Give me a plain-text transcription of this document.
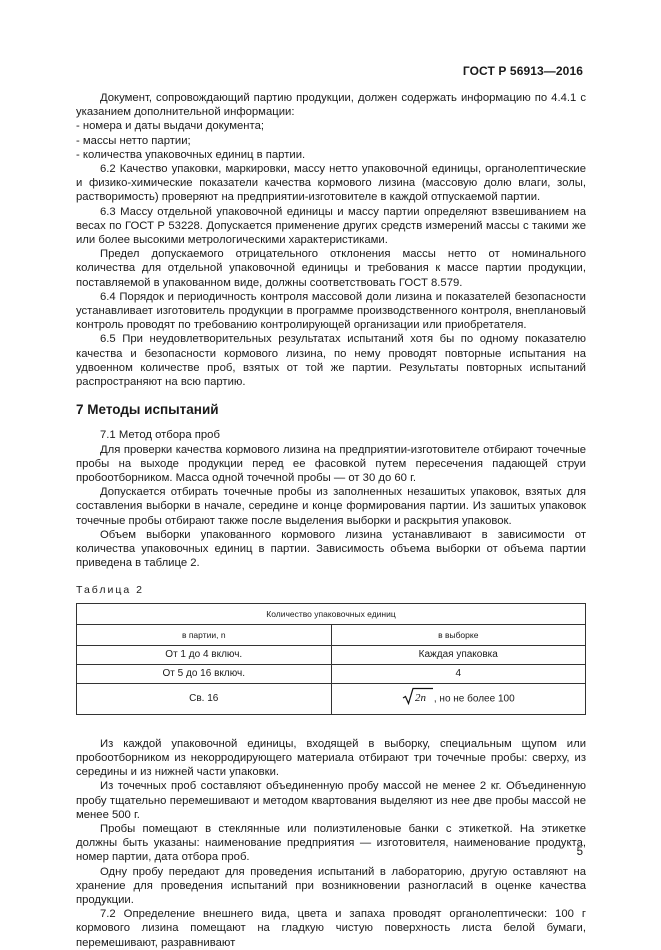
ГОСТ Р 56913—2016

Документ, сопровождающий партию продукции, должен содержать информацию по 4.4.1 с указанием дополнительной информации:

- номера и даты выдачи документа;

- массы нетто партии;

- количества упаковочных единиц в партии.

6.2 Качество упаковки, маркировки, массу нетто упаковочной единицы, органолептические и физико-химические показатели качества кормового лизина (массовую долю влаги, золы, растворимость) проверяют на предприятии-изготовителе в каждой отпускаемой партии.

6.3 Массу отдельной упаковочной единицы и массу партии определяют взвешиванием на весах по ГОСТ Р 53228. Допускается применение других средств измерений массы с такими же или более высокими метрологическими характеристиками.

Предел допускаемого отрицательного отклонения массы нетто от номинального количества для отдельной упаковочной единицы и требования к массе партии продукции, поставляемой в упакованном виде, должны соответствовать ГОСТ 8.579.

6.4 Порядок и периодичность контроля массовой доли лизина и показателей безопасности устанавливает изготовитель продукции в программе производственного контроля, внеплановый контроль проводят по требованию контролирующей организации или приобретателя.

6.5 При неудовлетворительных результатах испытаний хотя бы по одному показателю качества и безопасности кормового лизина, по нему проводят повторные испытания на удвоенном количестве проб, взятых от той же партии. Результаты повторных испытаний распространяют на всю партию.

7 Методы испытаний

7.1 Метод отбора проб

Для проверки качества кормового лизина на предприятии-изготовителе отбирают точечные пробы на выходе продукции перед ее фасовкой путем пересечения падающей струи пробоотборником. Масса одной точечной пробы — от 30 до 60 г.

Допускается отбирать точечные пробы из заполненных незашитых упаковок, взятых для составления выборки в начале, середине и конце формирования партии. Из зашитых упаковок точечные пробы отбирают также после выделения выборки и раскрытия упаковок.

Объем выборки упакованного кормового лизина устанавливают в зависимости от количества упаковочных единиц в партии. Зависимость объема выборки от объема партии приведена в таблице 2.

Таблица 2
Количество упаковочных единиц	
в партии, n	в выборке
От 1 до 4 включ.	Каждая упаковка
От 5 до 16 включ.	4
Св. 16	2n , но не более 100

Из каждой упаковочной единицы, входящей в выборку, специальным щупом или пробоотборником из некорродирующего материала отбирают три точечные пробы: сверху, из середины и из нижней части упаковки.

Из точечных проб составляют объединенную пробу массой не менее 2 кг. Объединенную пробу тщательно перемешивают и методом квартования выделяют из нее две пробы массой не менее 500 г.

Пробы помещают в стеклянные или полиэтиленовые банки с этикеткой. На этикетке должны быть указаны: наименование предприятия — изготовителя, наименование продукта, номер партии, дата отбора проб.

Одну пробу передают для проведения испытаний в лабораторию, другую оставляют на хранение для проведения испытаний при возникновении разногласий в оценке качества продукции.

7.2 Определение внешнего вида, цвета и запаха проводят органолептически: 100 г кормового лизина помещают на гладкую чистую поверхность листа белой бумаги, перемешивают, разравнивают

5
